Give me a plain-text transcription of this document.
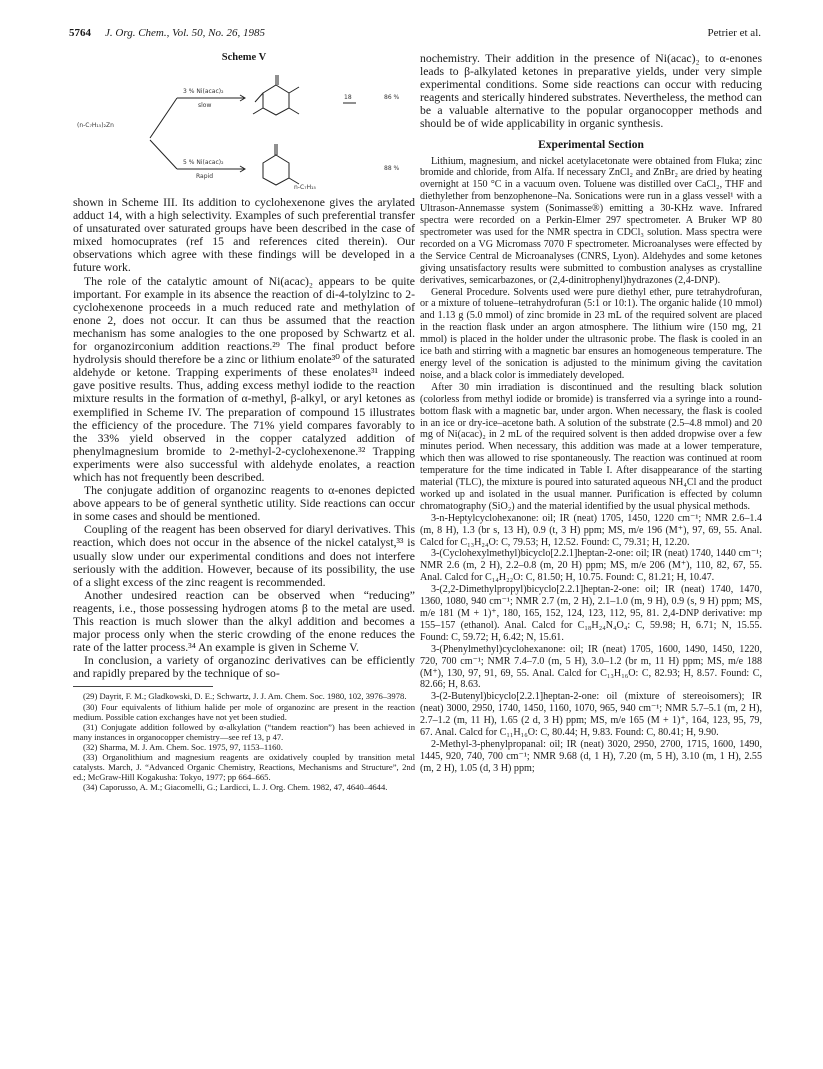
5764 J. Org. Chem., Vol. 50, No. 26, 1985	Petrier et al.
Scheme V
(n-C₇H₁₅)₂Zn
3 % Ni(acac)₂
slow
18	86 %
5 % Ni(acac)₂
Rapid
n-C₇H₁₅
88 %

shown in Scheme III. Its addition to cyclohexenone gives the arylated adduct 14, with a high selectivity. Examples of such preferential transfer of unsaturated over saturated groups have been described in the case of mixed homocuprates (ref 15 and references cited therein). Our observations which agree with these findings will be developed in a future work.

The role of the catalytic amount of Ni(acac)₂ appears to be quite important. For example in its absence the reaction of di-4-tolylzinc to 2-cyclohexenone proceeds in a much reduced rate and methylation of enone 2, does not occur. It can thus be assumed that the reaction mechanism has some analogies to the one proposed by Schwartz et al. for organozirconium addition reactions.²⁹ The final product before hydrolysis should therefore be a zinc or lithium enolate³⁰ of the saturated aldehyde or ketone. Trapping experiments of these enolates³¹ indeed gave positive results. Thus, adding excess methyl iodide to the reaction mixture results in the formation of α-methyl, β-alkyl, or aryl ketones as exemplified in Scheme IV. The preparation of compound 15 illustrates the efficiency of the procedure. The 71% yield compares favorably to the 33% yield observed in the copper catalyzed addition of phenylmagnesium bromide to 2-methyl-2-cyclohexenone.³² Trapping experiments were also successful with aldehyde enolates, a reaction which has not frequently been described.

The conjugate addition of organozinc reagents to α-enones depicted above appears to be of general synthetic utility. Side reactions can occur in some cases and should be mentioned.

Coupling of the reagent has been observed for diaryl derivatives. This reaction, which does not occur in the absence of the nickel catalyst,³³ is usually slow under our experimental conditions and does not interfere seriously with the addition. However, because of its possibility, the use of a slight excess of the zinc reagent is recommended.

Another undesired reaction can be observed when “reducing” reagents, i.e., those possessing hydrogen atoms β to the metal are used. This reaction is much slower than the alkyl addition and becomes a major process only when the steric crowding of the enone reduces the rate of the latter process.³⁴ An example is given in Scheme V.

In conclusion, a variety of organozinc derivatives can be efficiently and rapidly prepared by the technique of so-

(29) Dayrit, F. M.; Gladkowski, D. E.; Schwartz, J. J. Am. Chem. Soc. 1980, 102, 3976–3978.
(30) Four equivalents of lithium halide per mole of organozinc are present in the reaction medium. Possible cation exchanges have not yet been studied.
(31) Conjugate addition followed by α-alkylation (“tandem reaction”) has been achieved in many instances in organocopper chemistry—see ref 13, p 47.
(32) Sharma, M. J. Am. Chem. Soc. 1975, 97, 1153–1160.
(33) Organolithium and magnesium reagents are oxidatively coupled by transition metal catalysts. March, J. “Advanced Organic Chemistry, Reactions, Mechanisms and Structure”, 2nd ed.; McGraw-Hill Kogakusha: Tokyo, 1977; pp 664–665.
(34) Caporusso, A. M.; Giacomelli, G.; Lardicci, L. J. Org. Chem. 1982, 47, 4640–4644.

nochemistry. Their addition in the presence of Ni(acac)₂ to α-enones leads to β-alkylated ketones in preparative yields, under very simple experimental conditions. Some side reactions can occur with reducing reagents and sterically hindered substrates. Nevertheless, the method can be a valuable alternative to the popular organocopper methods and should be of wide applicability in organic synthesis.

Experimental Section

Lithium, magnesium, and nickel acetylacetonate were obtained from Fluka; zinc bromide and chloride, from Alfa. If necessary ZnCl₂ and ZnBr₂ are dried by heating overnight at 150 °C in a vacuum oven. Toluene was distilled over CaCl₂, THF and diethylether from benzophenone–Na. Sonications were run in a glass vessel¹ with a Ultrason-Annemasse system (Sonimasse®) emitting a 30-KHz wave. Infrared spectra were recorded on a Perkin-Elmer 297 spectrometer. A Bruker WP 80 spectrometer was used for the NMR spectra in CDCl₃ solution. Mass spectra were recorded on a VG Micromass 7070 F spectrometer. Microanalyses were effected by the Service Central de Microanalyses (CNRS, Lyon). Aldehydes and some ketones giving unsatisfactory results were submitted to combustion analyses as crystalline derivatives, semicarbazones, or (2,4-dinitrophenyl)hydrazones (2,4-DNP).

General Procedure. Solvents used were pure diethyl ether, pure tetrahydrofuran, or a mixture of toluene–tetrahydrofuran (5:1 or 10:1). The organic halide (10 mmol) and 1.13 g (5.0 mmol) of zinc bromide in 23 mL of the required solvent are placed in the reaction flask under an argon atmosphere. The lithium wire (150 mg, 21 mmol) is placed in the holder under the ultrasonic probe. The flask is cooled in an ice bath and stirring with a magnetic bar ensures an homogeneous temperature. The energy level of the sonication is adjusted to the minimum giving the cavitation noise, and a black color is immediately developed.

After 30 min irradiation is discontinued and the resulting black solution (colorless from methyl iodide or bromide) is transferred via a syringe into a round-bottom flask with a magnetic bar, under argon. When necessary, the flask is cooled in an ice or dry-ice–acetone bath. A solution of the substrate (2.5–4.8 mmol) and 20 mg of Ni(acac)₂ in 2 mL of the required solvent is then added dropwise over a few minutes period. When necessary, this addition was made at a lower temperature, which then was allowed to rise spontaneously. The reaction was continued at room temperature for the time indicated in Table I. After disappearance of the starting material (TLC), the mixture is poured into saturated aqueous NH₄Cl and the product worked up and isolated in the usual manner. Purification is effected by column chromatography (SiO₂) and the material identified by the usual physical methods.

3-n-Heptylcyclohexanone: oil; IR (neat) 1705, 1450, 1220 cm⁻¹; NMR 2.6–1.4 (m, 8 H), 1.3 (br s, 13 H), 0.9 (t, 3 H) ppm; MS, m/e 196 (M⁺), 97, 69, 55. Anal. Calcd for C₁₃H₂₄O: C, 79.53; H, 12.52. Found: C, 79.31; H, 12.20.

3-(Cyclohexylmethyl)bicyclo[2.2.1]heptan-2-one: oil; IR (neat) 1740, 1440 cm⁻¹; NMR 2.6 (m, 2 H), 2.2–0.8 (m, 20 H) ppm; MS, m/e 206 (M⁺), 110, 82, 67, 55. Anal. Calcd for C₁₄H₂₂O: C, 81.50; H, 10.75. Found: C, 81.21; H, 10.47.

3-(2,2-Dimethylpropyl)bicyclo[2.2.1]heptan-2-one: oil; IR (neat) 1740, 1470, 1360, 1080, 940 cm⁻¹; NMR 2.7 (m, 2 H), 2.1–1.0 (m, 9 H), 0.9 (s, 9 H) ppm; MS, m/e 181 (M + 1)⁺, 180, 165, 152, 124, 123, 112, 95, 81. 2,4-DNP derivative: mp 155–157 (ethanol). Anal. Calcd for C₁₈H₂₄N₄O₄: C, 59.98; H, 6.71; N, 15.55. Found: C, 59.72; H, 6.42; N, 15.61.

3-(Phenylmethyl)cyclohexanone: oil; IR (neat) 1705, 1600, 1490, 1450, 1220, 720, 700 cm⁻¹; NMR 7.4–7.0 (m, 5 H), 3.0–1.2 (br m, 11 H) ppm; MS, m/e 188 (M⁺), 130, 97, 91, 69, 55. Anal. Calcd for C₁₃H₁₆O: C, 82.93; H, 8.57. Found: C, 82.66; H, 8.63.

3-(2-Butenyl)bicyclo[2.2.1]heptan-2-one: oil (mixture of stereoisomers); IR (neat) 3000, 2950, 1740, 1450, 1160, 1070, 965, 940 cm⁻¹; NMR 5.7–5.1 (m, 2 H), 2.7–1.2 (m, 11 H), 1.65 (2 d, 3 H) ppm; MS, m/e 165 (M + 1)⁺, 164, 123, 95, 79, 67. Anal. Calcd for C₁₁H₁₆O: C, 80.44; H, 9.83. Found: C, 80.41; H, 9.90.

2-Methyl-3-phenylpropanal: oil; IR (neat) 3020, 2950, 2700, 1715, 1600, 1490, 1445, 920, 740, 700 cm⁻¹; NMR 9.68 (d, 1 H), 7.20 (m, 5 H), 3.10 (m, 1 H), 2.55 (m, 2 H), 1.05 (d, 3 H) ppm;
